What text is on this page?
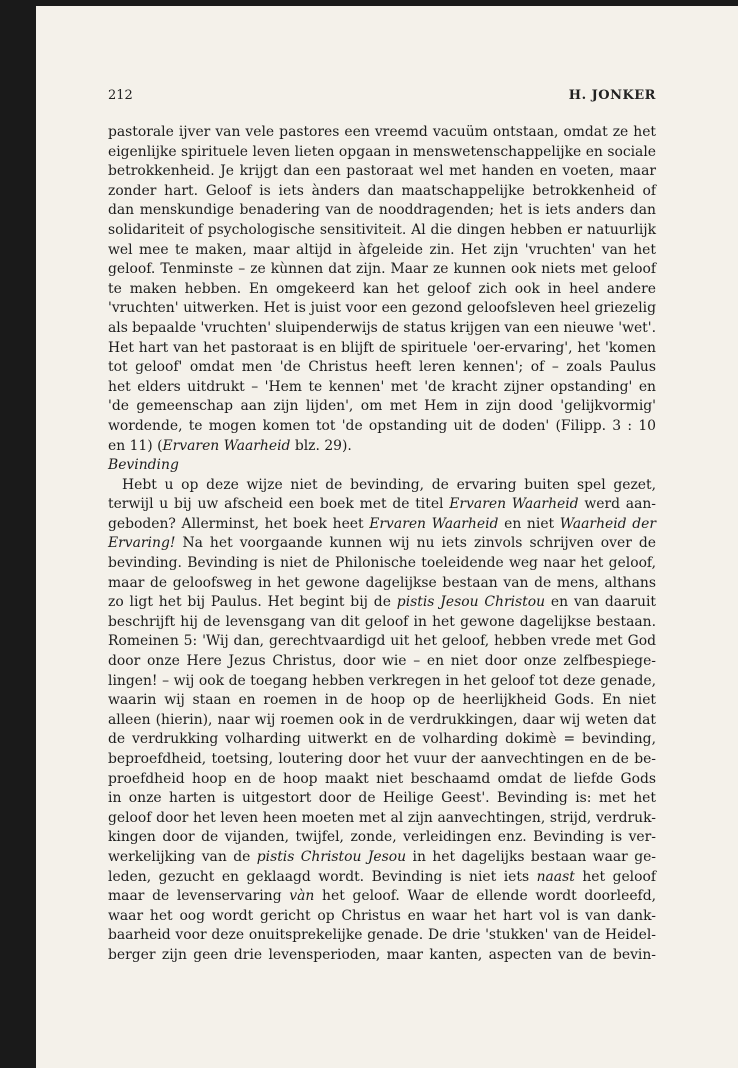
212	H. JONKER

pastorale ijver van vele pastores een vreemd vacuüm ontstaan, omdat ze het
eigenlijke spirituele leven lieten opgaan in menswetenschappelijke en sociale
betrokkenheid. Je krijgt dan een pastoraat wel met handen en voeten, maar
zonder hart. Geloof is iets ànders dan maatschappelijke betrokkenheid of
dan menskundige benadering van de nooddragenden; het is iets anders dan
solidariteit of psychologische sensitiviteit. Al die dingen hebben er natuurlijk
wel mee te maken, maar altijd in àfgeleide zin. Het zijn 'vruchten' van het
geloof. Tenminste – ze kùnnen dat zijn. Maar ze kunnen ook niets met geloof
te maken hebben. En omgekeerd kan het geloof zich ook in heel andere
'vruchten' uitwerken. Het is juist voor een gezond geloofsleven heel griezelig
als bepaalde 'vruchten' sluipenderwijs de status krijgen van een nieuwe 'wet'.
Het hart van het pastoraat is en blijft de spirituele 'oer-ervaring', het 'komen
tot geloof' omdat men 'de Christus heeft leren kennen'; of – zoals Paulus
het elders uitdrukt – 'Hem te kennen' met 'de kracht zijner opstanding' en
'de gemeenschap aan zijn lijden', om met Hem in zijn dood 'gelijkvormig'
wordende, te mogen komen tot 'de opstanding uit de doden' (Filipp. 3 : 10
en 11) (Ervaren Waarheid blz. 29).

Bevinding

Hebt u op deze wijze niet de bevinding, de ervaring buiten spel gezet,
terwijl u bij uw afscheid een boek met de titel Ervaren Waarheid werd aan-
geboden? Allerminst, het boek heet Ervaren Waarheid en niet Waarheid der
Ervaring! Na het voorgaande kunnen wij nu iets zinvols schrijven over de
bevinding. Bevinding is niet de Philonische toeleidende weg naar het geloof,
maar de geloofsweg in het gewone dagelijkse bestaan van de mens, althans
zo ligt het bij Paulus. Het begint bij de pistis Jesou Christou en van daaruit
beschrijft hij de levensgang van dit geloof in het gewone dagelijkse bestaan.
Romeinen 5: 'Wij dan, gerechtvaardigd uit het geloof, hebben vrede met God
door onze Here Jezus Christus, door wie – en niet door onze zelfbespiege-
lingen! – wij ook de toegang hebben verkregen in het geloof tot deze genade,
waarin wij staan en roemen in de hoop op de heerlijkheid Gods. En niet
alleen (hierin), naar wij roemen ook in de verdrukkingen, daar wij weten dat
de verdrukking volharding uitwerkt en de volharding dokimè = bevinding,
beproefdheid, toetsing, loutering door het vuur der aanvechtingen en de be-
proefdheid hoop en de hoop maakt niet beschaamd omdat de liefde Gods
in onze harten is uitgestort door de Heilige Geest'. Bevinding is: met het
geloof door het leven heen moeten met al zijn aanvechtingen, strijd, verdruk-
kingen door de vijanden, twijfel, zonde, verleidingen enz. Bevinding is ver-
werkelijking van de pistis Christou Jesou in het dagelijks bestaan waar ge-
leden, gezucht en geklaagd wordt. Bevinding is niet iets naast het geloof
maar de levenservaring vàn het geloof. Waar de ellende wordt doorleefd,
waar het oog wordt gericht op Christus en waar het hart vol is van dank-
baarheid voor deze onuitsprekelijke genade. De drie 'stukken' van de Heidel-
berger zijn geen drie levensperioden, maar kanten, aspecten van de bevin-
